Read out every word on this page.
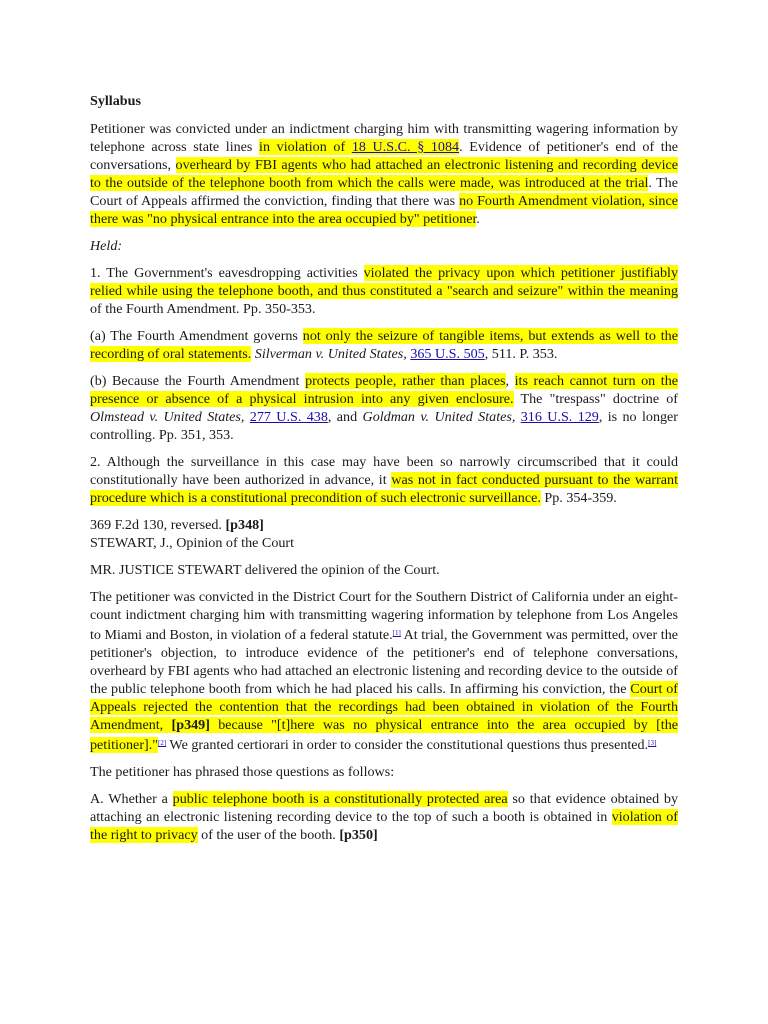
Syllabus

Petitioner was convicted under an indictment charging him with transmitting wagering information by telephone across state lines in violation of 18 U.S.C. § 1084. Evidence of petitioner's end of the conversations, overheard by FBI agents who had attached an electronic listening and recording device to the outside of the telephone booth from which the calls were made, was introduced at the trial. The Court of Appeals affirmed the conviction, finding that there was no Fourth Amendment violation, since there was "no physical entrance into the area occupied by" petitioner.

Held:

1. The Government's eavesdropping activities violated the privacy upon which petitioner justifiably relied while using the telephone booth, and thus constituted a "search and seizure" within the meaning of the Fourth Amendment. Pp. 350-353.

(a) The Fourth Amendment governs not only the seizure of tangible items, but extends as well to the recording of oral statements. Silverman v. United States, 365 U.S. 505, 511. P. 353.

(b) Because the Fourth Amendment protects people, rather than places, its reach cannot turn on the presence or absence of a physical intrusion into any given enclosure. The "trespass" doctrine of Olmstead v. United States, 277 U.S. 438, and Goldman v. United States, 316 U.S. 129, is no longer controlling. Pp. 351, 353.

2. Although the surveillance in this case may have been so narrowly circumscribed that it could constitutionally have been authorized in advance, it was not in fact conducted pursuant to the warrant procedure which is a constitutional precondition of such electronic surveillance. Pp. 354-359.

369 F.2d 130, reversed. [p348]
STEWART, J., Opinion of the Court

MR. JUSTICE STEWART delivered the opinion of the Court.

The petitioner was convicted in the District Court for the Southern District of California under an eight-count indictment charging him with transmitting wagering information by telephone from Los Angeles to Miami and Boston, in violation of a federal statute.[1] At trial, the Government was permitted, over the petitioner's objection, to introduce evidence of the petitioner's end of telephone conversations, overheard by FBI agents who had attached an electronic listening and recording device to the outside of the public telephone booth from which he had placed his calls. In affirming his conviction, the Court of Appeals rejected the contention that the recordings had been obtained in violation of the Fourth Amendment, [p349] because "[t]here was no physical entrance into the area occupied by [the petitioner]."[2] We granted certiorari in order to consider the constitutional questions thus presented.[3]

The petitioner has phrased those questions as follows:

A. Whether a public telephone booth is a constitutionally protected area so that evidence obtained by attaching an electronic listening recording device to the top of such a booth is obtained in violation of the right to privacy of the user of the booth. [p350]
